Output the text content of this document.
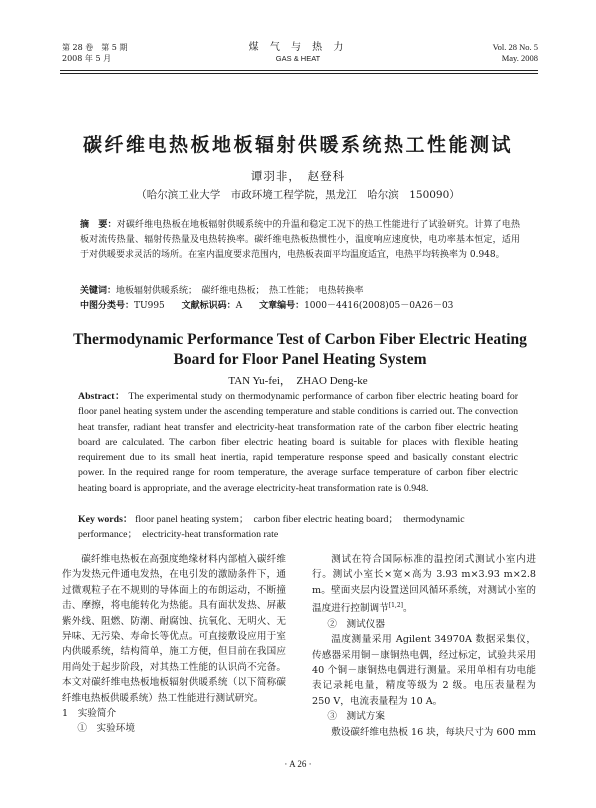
第 28 卷　第 5 期
2008 年 5 月
煤 气 与 热 力
GAS & HEAT
Vol. 28 No. 5
May. 2008
碳纤维电热板地板辐射供暖系统热工性能测试
谭羽非，　赵登科
（哈尔滨工业大学　市政环境工程学院，黑龙江　哈尔滨　150090）
摘　要：对碳纤维电热板在地板辐射供暖系统中的升温和稳定工况下的热工性能进行了试验研究。计算了电热板对流传热量、辐射传热量及电热转换率。碳纤维电热板热惯性小，温度响应速度快，电功率基本恒定，适用于对供暖要求灵活的场所。在室内温度要求范围内，电热板表面平均温度适宜，电热平均转换率为 0.948。
关键词：地板辐射供暖系统；　碳纤维电热板；　热工性能；　电热转换率
中图分类号：TU995 文献标识码：A 文章编号：1000－4416(2008)05－0A26－03
Thermodynamic Performance Test of Carbon Fiber Electric Heating Board for Floor Panel Heating System
TAN Yu-fei，　ZHAO Deng-ke
Abstract： The experimental study on thermodynamic performance of carbon fiber electric heating board for floor panel heating system under the ascending temperature and stable conditions is carried out. The convection heat transfer, radiant heat transfer and electricity-heat transformation rate of the carbon fiber electric heating board are calculated. The carbon fiber electric heating board is suitable for places with flexible heating requirement due to its small heat inertia, rapid temperature response speed and basically constant electric power. In the required range for room temperature, the average surface temperature of carbon fiber electric heating board is appropriate, and the average electricity-heat transformation rate is 0.948.
Key words： floor panel heating system；　carbon fiber electric heating board；　thermodynamic performance；　electricity-heat transformation rate

碳纤维电热板在高强度绝缘材料内部植入碳纤维作为发热元件通电发热，在电引发的激励条件下，通过微观粒子在不规则的导体面上的布朗运动，不断撞击、摩擦，将电能转化为热能。具有面状发热、屏蔽紫外线、阻燃、防潮、耐腐蚀、抗氧化、无明火、无异味、无污染、寿命长等优点。可直接敷设应用于室内供暖系统，结构简单，施工方便，但目前在我国应用尚处于起步阶段，对其热工性能的认识尚不完备。本文对碳纤维电热板地板辐射供暖系统（以下简称碳纤维电热板供暖系统）热工性能进行测试研究。

1　实验简介

①　实验环境

测试在符合国际标准的温控闭式测试小室内进行。测试小室长×宽×高为 3.93 m×3.93 m×2.8 m。壁面夹层内设置送回风循环系统，对测试小室的温度进行控制调节[1,2]。

②　测试仪器

温度测量采用 Agilent 34970A 数据采集仪，传感器采用铜－康铜热电偶，经过标定，试验共采用 40 个铜－康铜热电偶进行测量。采用单相有功电能表记录耗电量，精度等级为 2 级。电压表量程为 250 V，电流表量程为 10 A。

③　测试方案

敷设碳纤维电热板 16 块，每块尺寸为 600 mm

· A 26 ·
